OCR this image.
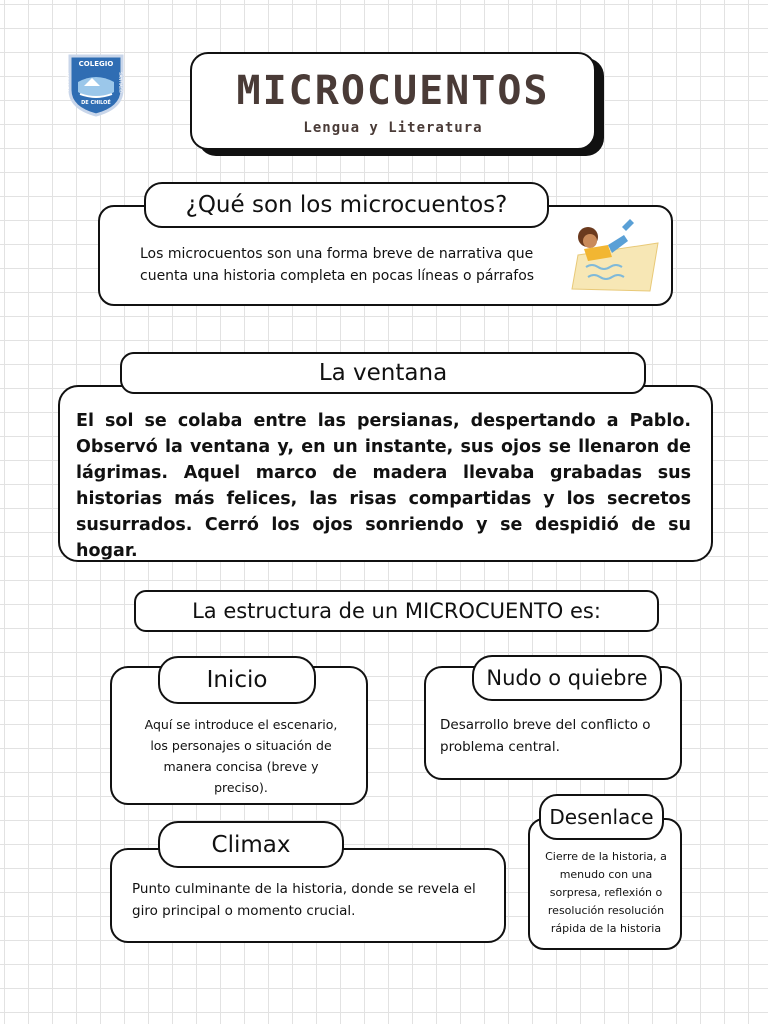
COLEGIO
DE CHILOÉ
VENTANA	SANTIAGO	MICROCUENTOS
Lengua y Literatura
Los microcuentos son una forma breve de narrativa que cuenta una historia completa en pocas líneas o párrafos
¿Qué son los microcuentos?
El sol se colaba entre las persianas, despertando a Pablo. Observó la ventana y, en un instante, sus ojos se llenaron de lágrimas. Aquel marco de madera llevaba grabadas sus historias más felices, las risas compartidas y los secretos susurrados. Cerró los ojos sonriendo y se despidió de su hogar.
La ventana
La estructura de un MICROCUENTO es:
Aquí se introduce el escenario, los personajes o situación de manera concisa (breve y preciso).
Inicio
Desarrollo breve del conflicto o problema central.
Nudo o quiebre
Punto culminante de la historia, donde se revela el giro principal o momento crucial.
Climax	Cierre de la historia, a menudo con una sorpresa, reflexión o resolución resolución rápida de la historia
Desenlace
